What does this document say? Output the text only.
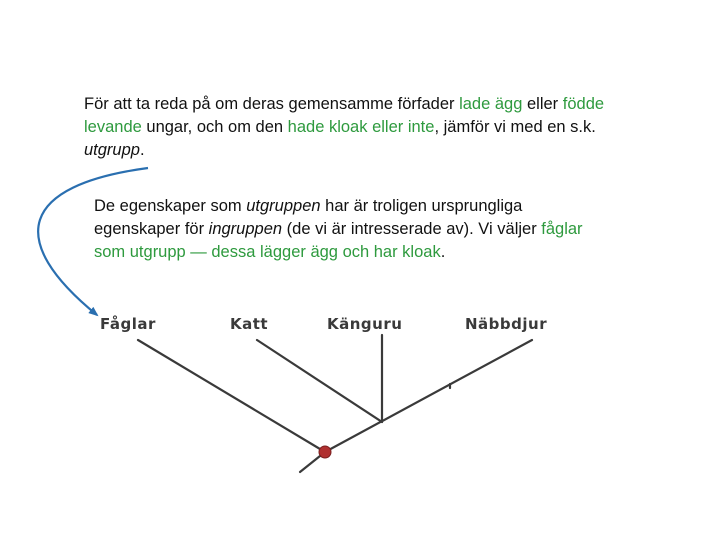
För att ta reda på om deras gemensamme förfader lade ägg eller födde levande ungar, och om den hade kloak eller inte, jämför vi med en s.k. utgrupp.

De egenskaper som utgruppen har är troligen ursprungliga egenskaper för ingruppen (de vi är intresserade av). Vi väljer fåglar som utgrupp — dessa lägger ägg och har kloak.

Fåglar	Katt	Känguru	Näbbdjur
